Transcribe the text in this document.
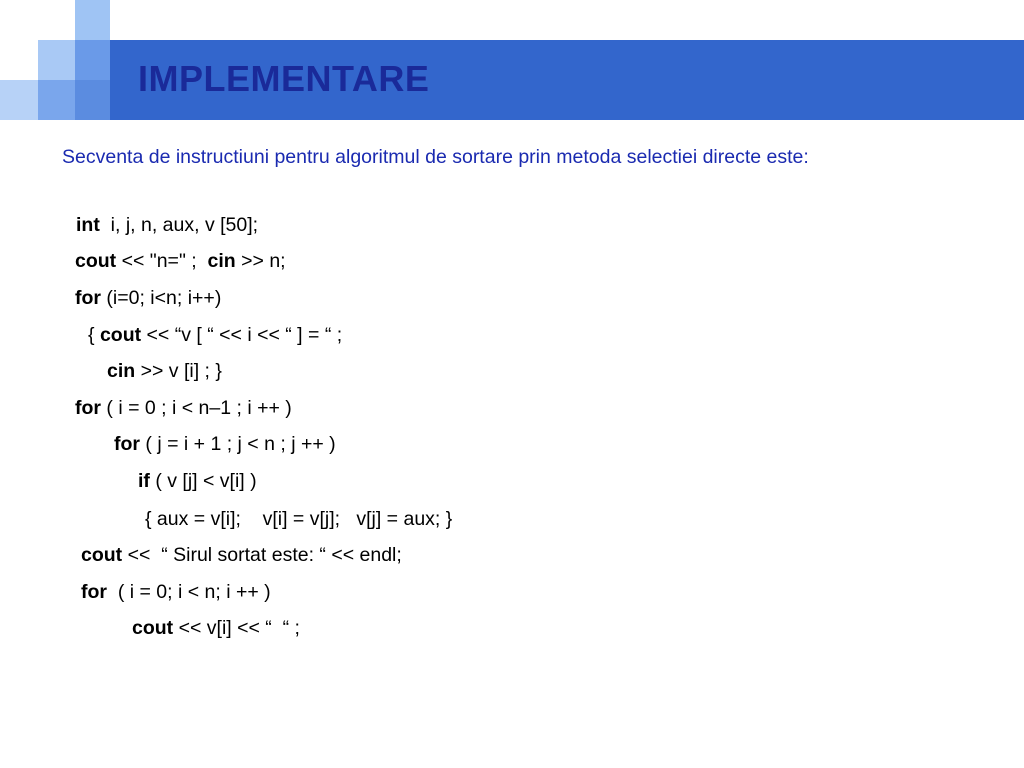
IMPLEMENTARE
Secventa de instructiuni pentru algoritmul de sortare prin metoda selectiei directe este:
int  i, j, n, aux, v [50];
cout << "n=" ;  cin >> n;
for (i=0; i<n; i++)
{ cout << “v [ “ << i << “ ] = “ ;
cin >> v [i] ; }
for ( i = 0 ; i < n–1 ; i ++ )
for ( j = i + 1 ; j < n ; j ++ )
if ( v [j] < v[i] )
{ aux = v[i];    v[i] = v[j];   v[j] = aux; }
cout <<  “ Sirul sortat este: “ << endl;
for  ( i = 0; i < n; i ++ )
cout << v[i] << “  “ ;
